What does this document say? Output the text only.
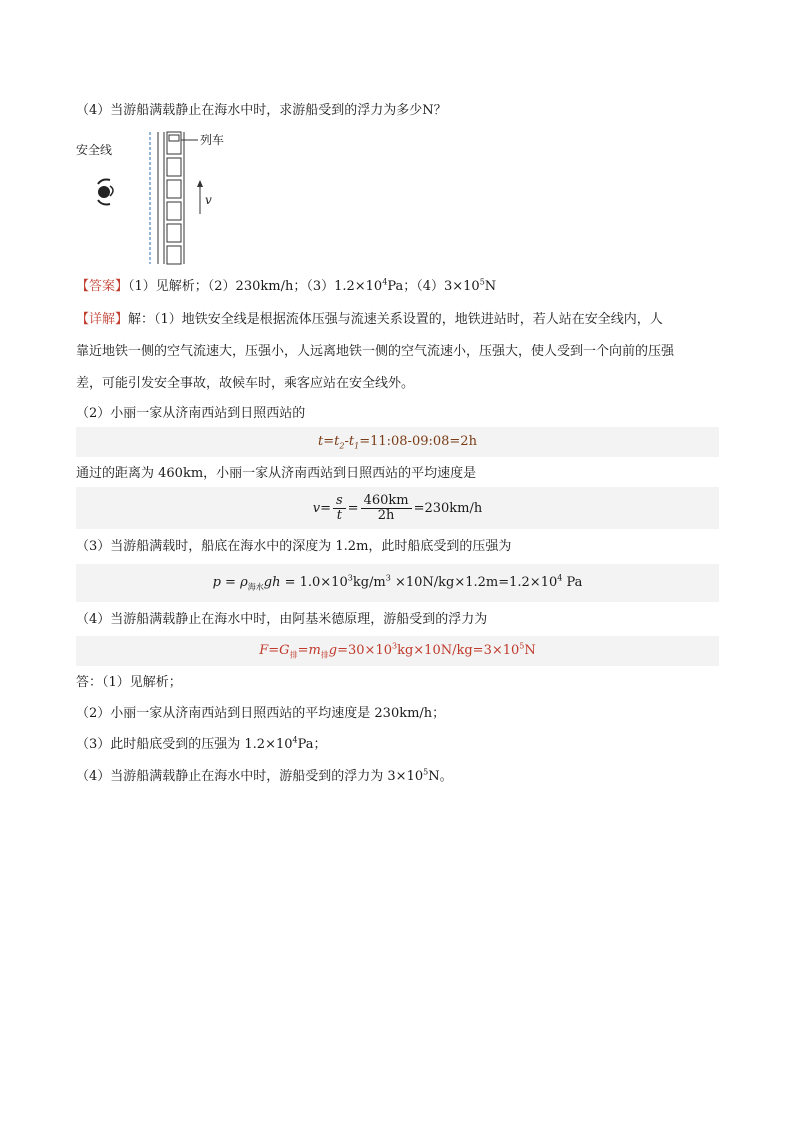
（4）当游船满载静止在海水中时，求游船受到的浮力为多少N？
安全线
列车
v
【答案】（1）见解析；（2）230km/h；$(3)1.2\times 10^4Pa$；$(4)3\times 10^5N$
【详解】解：（1）地铁安全线是根据流体压强与流速关系设置的，地铁进站时，若人站在安全线内，人
靠近地铁一侧的空气流速大，压强小，人远离地铁一侧的空气流速小，压强大，使人受到一个向前的压强
差，可能引发安全事故，故候车时，乘客应站在安全线外。
（2）小丽一家从济南西站到日照西站的
$t=t_2-t_1=11:08-09:08=2h$
通过的距离为 460km，小丽一家从济南西站到日照西站的平均速度是
$v = \frac{s}{t} = \frac{460km}{2h} =230km/h$
（3）当游船满载时，船底在海水中的深度为 1.2m，此时船底受到的压强为
$p = \rho_{海水}gh = 1.0\times 10^3kg/m^3 \times 10N/kg\times 1.2m=1.2\times 10^4$ Pa
（4）当游船满载静止在海水中时，由阿基米德原理，游船受到的浮力为
$F=G_排=m_排g=30\times 10^3kg\times 10N/kg=3\times 10^5N$
答：（1）见解析；
（2）小丽一家从济南西站到日照西站的平均速度是 230km/h；
（3）此时船底受到的压强为 $1.2\times 10^4Pa$；
（4）当游船满载静止在海水中时，游船受到的浮力为 $3\times 10^5N$。
